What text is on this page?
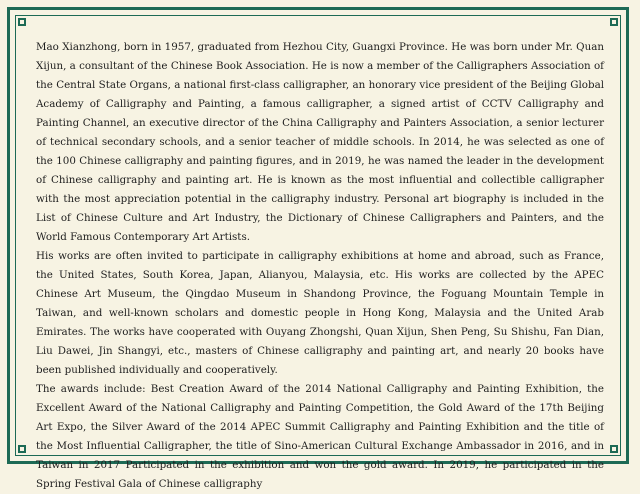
Mao Xianzhong, born in 1957, graduated from Hezhou City, Guangxi Province. He was born under Mr. Quan Xijun, a consultant of the Chinese Book Association. He is now a member of the Calligraphers Association of the Central State Organs, a national first-class calligrapher, an honorary vice president of the Beijing Global Academy of Calligraphy and Painting, a famous calligrapher, a signed artist of CCTV Calligraphy and Painting Channel, an executive director of the China Calligraphy and Painters Association, a senior lecturer of technical secondary schools, and a senior teacher of middle schools. In 2014, he was selected as one of the 100 Chinese calligraphy and painting figures, and in 2019, he was named the leader in the development of Chinese calligraphy and painting art. He is known as the most influential and collectible calligrapher with the most appreciation potential in the calligraphy industry. Personal art biography is included in the List of Chinese Culture and Art Industry, the Dictionary of Chinese Calligraphers and Painters, and the World Famous Contemporary Art Artists.

His works are often invited to participate in calligraphy exhibitions at home and abroad, such as France, the United States, South Korea, Japan, Alianyou, Malaysia, etc. His works are collected by the APEC Chinese Art Museum, the Qingdao Museum in Shandong Province, the Foguang Mountain Temple in Taiwan, and well-known scholars and domestic people in Hong Kong, Malaysia and the United Arab Emirates. The works have cooperated with Ouyang Zhongshi, Quan Xijun, Shen Peng, Su Shishu, Fan Dian, Liu Dawei, Jin Shangyi, etc., masters of Chinese calligraphy and painting art, and nearly 20 books have been published individually and cooperatively.

The awards include: Best Creation Award of the 2014 National Calligraphy and Painting Exhibition, the Excellent Award of the National Calligraphy and Painting Competition, the Gold Award of the 17th Beijing Art Expo, the Silver Award of the 2014 APEC Summit Calligraphy and Painting Exhibition and the title of the Most Influential Calligrapher, the title of Sino-American Cultural Exchange Ambassador in 2016, and in Taiwan in 2017 Participated in the exhibition and won the gold award. In 2019, he participated in the Spring Festival Gala of Chinese calligraphy
